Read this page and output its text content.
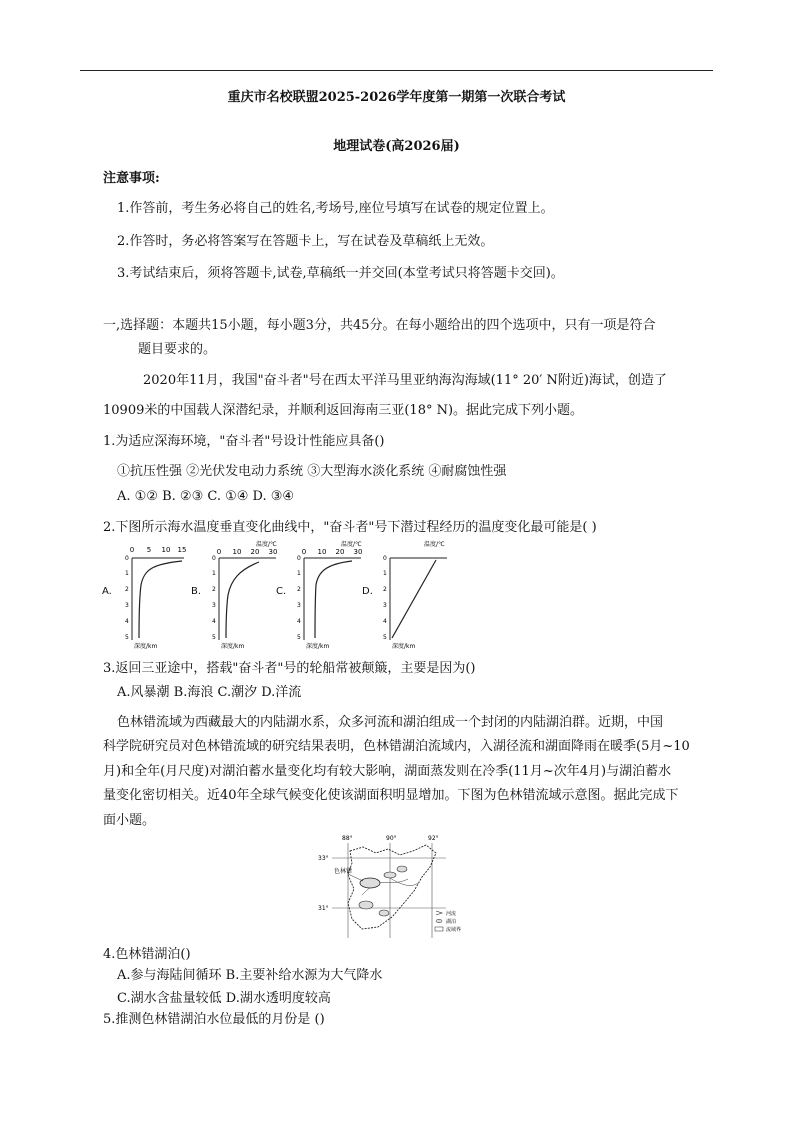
重庆市名校联盟2025-2026学年度第一期第一次联合考试
地理试卷(高2026届)
注意事项:
1.作答前，考生务必将自己的姓名,考场号,座位号填写在试卷的规定位置上。
2.作答时，务必将答案写在答题卡上，写在试卷及草稿纸上无效。
3.考试结束后，须将答题卡,试卷,草稿纸一并交回(本堂考试只将答题卡交回)。
一,选择题：本题共15小题，每小题3分，共45分。在每小题给出的四个选项中，只有一项是符合
题目要求的。
2020年11月，我国"奋斗者"号在西太平洋马里亚纳海沟海域(11° 20′ N附近)海试，创造了
10909米的中国载人深潜纪录，并顺利返回海南三亚(18° N)。据此完成下列小题。
1.为适应深海环境，"奋斗者"号设计性能应具备()
①抗压性强 ②光伏发电动力系统 ③大型海水淡化系统 ④耐腐蚀性强
A. ①② B. ②③ C. ①④ D. ③④
2.下图所示海水温度垂直变化曲线中，"奋斗者"号下潜过程经历的温度变化最可能是( )
A.
0 5 10 15
0
1
2
3
4
5
深度/km
B.
温度/℃
0 10 20 30
0
1
2
3
4
5
深度/km
C.
温度/℃
0 10 20 30
0
1
2
3
4
5
深度/km
D.
温度/℃
0
1
2
3
4
5
深度/km
3.返回三亚途中，搭载"奋斗者"号的轮船常被颠簸，主要是因为()
A.风暴潮 B.海浪 C.潮汐 D.洋流
色林错流域为西藏最大的内陆湖水系，众多河流和湖泊组成一个封闭的内陆湖泊群。近期，中国
科学院研究员对色林错流域的研究结果表明，色林错湖泊流域内，入湖径流和湖面降雨在暖季(5月~10
月)和全年(月尺度)对湖泊蓄水量变化均有较大影响，湖面蒸发则在冷季(11月~次年4月)与湖泊蓄水
量变化密切相关。近40年全球气候变化使该湖面积明显增加。下图为色林错流域示意图。据此完成下
面小题。
88°	90°	92°
33°
31°
色林错
河流
湖泊
流域界
4.色林错湖泊()
A.参与海陆间循环 B.主要补给水源为大气降水
C.湖水含盐量较低 D.湖水透明度较高
5.推测色林错湖泊水位最低的月份是 ()
